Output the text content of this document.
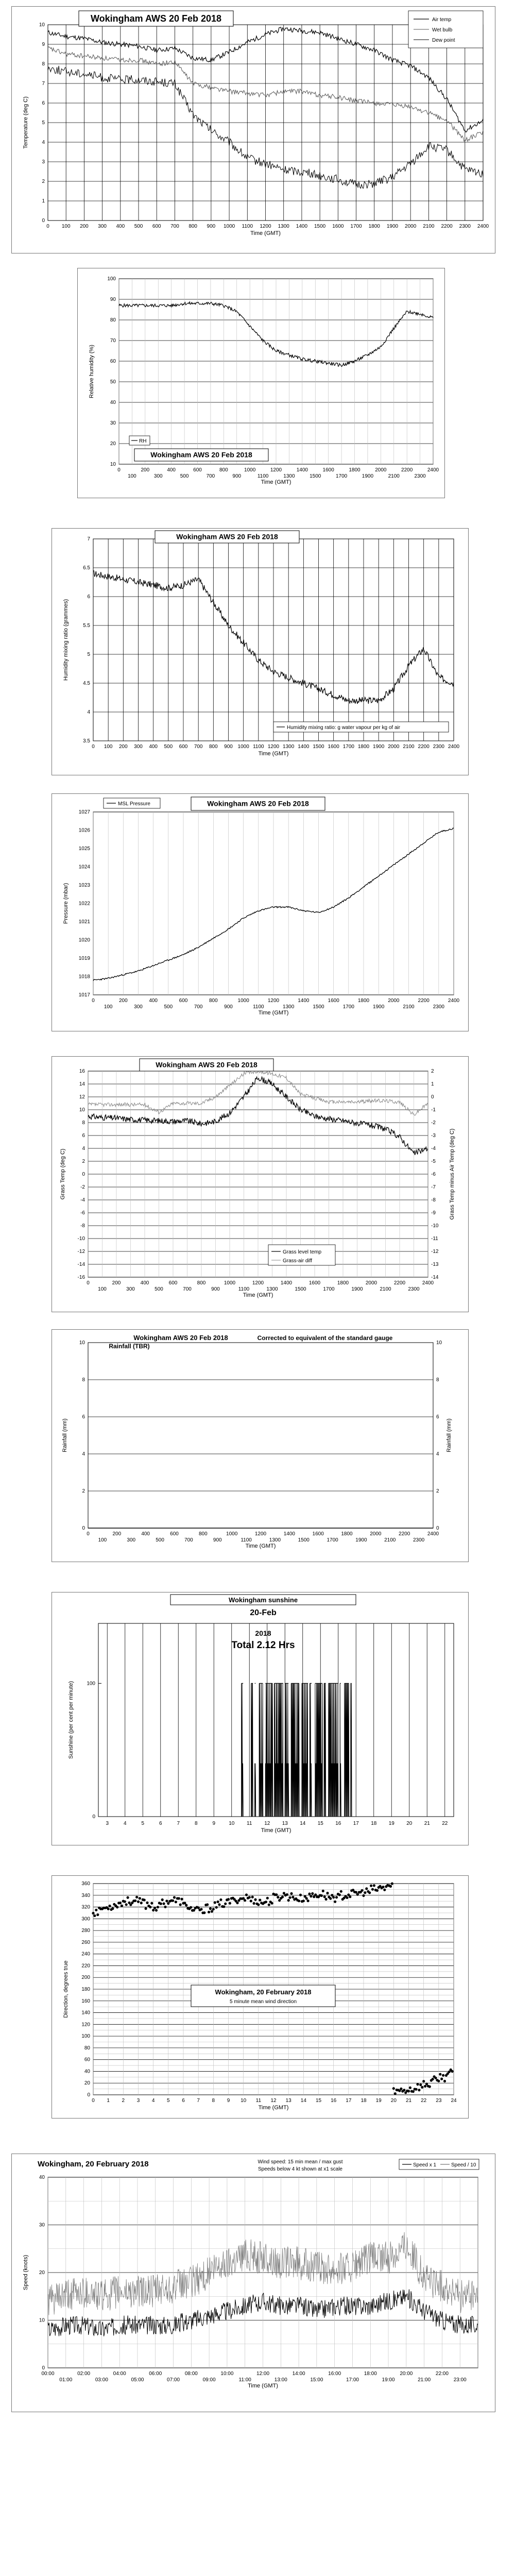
0
1
2
3
4
5
6
7
8
9
10
0 100 200 300 400 500 600 700 800 900 1000 1100 1200 1300 1400 1500 1600 1700 1800 1900 2000 2100 2200 2300 2400
Time (GMT)
Temperature (deg C)
Wokingham AWS 20 Feb 2018	Air temp
Wet bulb
Dew point
10
20
30
40
50
60
70
80
90
100
0	200	400	600	800	1000	1200	1400	1600	1800	2000	2200	2400
100	300	500	700	900	1100	1300	1500	1700	1900	2100	2300
Time (GMT)
Relative humidity (%)
RH
Wokingham AWS 20 Feb 2018
3.5
4
4.5
5
5.5
6
6.5
7
0 100 200 300 400 500 600 700 800 900 1000 1100 1200 1300 1400 1500 1600 1700 1800 1900 2000 2100 2200 2300 2400
Time (GMT)
Humidity mixing ratio (grammes)
Wokingham AWS 20 Feb 2018
Humidity mixing ratio: g water vapour per kg of air
1017
1018
1019
1020
1021
1022
1023
1024
1025
1026
1027
0	200	400	600	800	1000	1200	1400	1600	1800	2000	2200	2400
100	300	500	700	900	1100	1300	1500	1700	1900	2100	2300
Time (GMT)
Pressure (mbar)
MSL Pressure	Wokingham AWS 20 Feb 2018
-16
-14
-12
-10
-8
-6
-4
-2
0
2
4
6
8
10
12
14
16
-14
-13
-12
-11
-10
-9
-8
-7
-6
-5
-4
-3
-2
-1
0
1
2
0	200	400	600	800	1000	1200	1400	1600	1800	2000	2200	2400
100	300	500	700	900	1100	1300	1500	1700	1900	2100	2300
Time (GMT)
Grass Temp (deg C)	Grass Temp minus Air Temp (deg C)
Wokingham AWS 20 Feb 2018
Grass level temp
Grass-air diff
0
2
4
6
8
10
0
2
4
6
8
10
0	200	400	600	800	1000	1200	1400	1600	1800	2000	2200	2400
100	300	500	700	900	1100	1300	1500	1700	1900	2100	2300
Time (GMT)
Rainfall (mm)	Rainfall (mm)
Wokingham AWS 20 Feb 2018
Rainfall (TBR)
Corrected to equivalent of the standard gauge
0
100
3	4	5	6	7	8	9	10 11 12 13 14 15 16 17 18 19 20 21 22
Time (GMT)
Sunshine (per cent per minute)
Wokingham sunshine
20-Feb
2018
Total 2.12 Hrs
0
20
40
60
80
100
120
140
160
180
200
220
240
260
280
300
320
340
360
0 1 2 3 4 5 6 7 8 9 10 11 12 13 14 15 16 17 18 19 20 21 22 23 24
Time (GMT)
Direction, degrees true	Wokingham, 20 February 2018
5 minute mean wind direction
0
10
20
30
40
00:00	02:00	04:00	06:00	08:00	10:00	12:00	14:00	16:00	18:00	20:00	22:00
01:00	03:00	05:00	07:00	09:00	11:00	13:00	15:00	17:00	19:00	21:00	23:00
Time (GMT)
Speed (knots)
Wokingham, 20 February 2018	Wind speed: 15 min mean / max gust
Speeds below 4 kt shown at x1 scale
Speed x 1	Speed / 10
